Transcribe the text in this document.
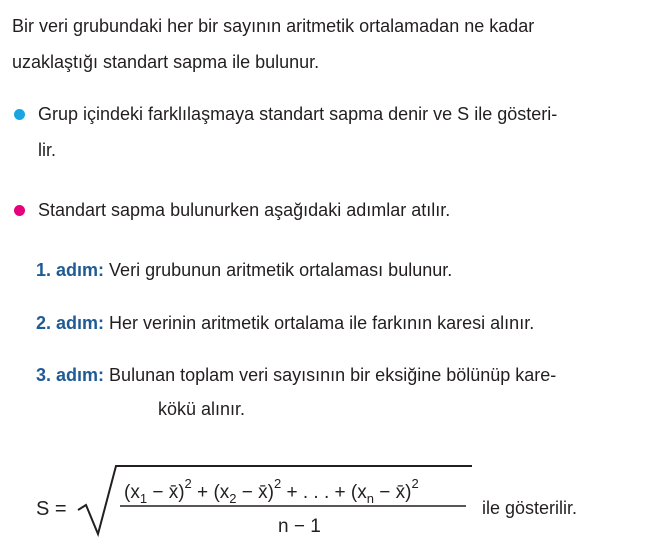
Bir veri grubundaki her bir sayının aritmetik ortalamadan ne kadar
uzaklaştığı standart sapma ile bulunur.

Grup içindeki farklılaşmaya standart sapma denir ve S ile gösteri-
lir.

Standart sapma bulunurken aşağıdaki adımlar atılır.

1. adım: Veri grubunun aritmetik ortalaması bulunur.
2. adım: Her verinin aritmetik ortalama ile farkının karesi alınır.
3. adım: Bulunan toplam veri sayısının bir eksiğine bölünüp kare-
kökü alınır.
S =
($x_1$ − x̄)$^2$ + ($x_2$ − x̄)$^2$ + . . . + ($x_n$ − x̄)$^2$
n − 1
ile gösterilir.
